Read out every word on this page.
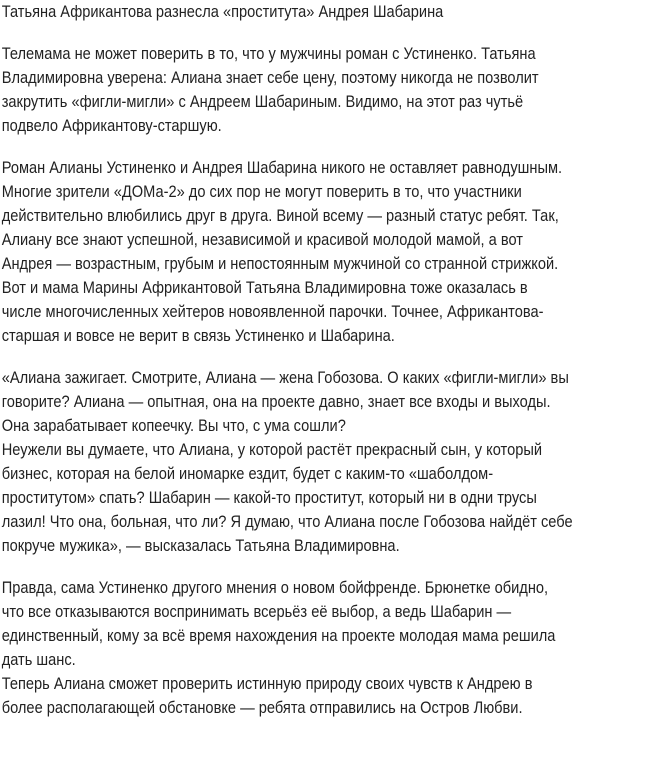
Татьяна Африкантова разнесла «проститута» Андрея Шабарина

Телемама не может поверить в то, что у мужчины роман с Устиненко. Татьяна

Владимировна уверена: Алиана знает себе цену, поэтому никогда не позволит

закрутить «фигли-мигли» с Андреем Шабариным. Видимо, на этот раз чутьё

подвело Африкантову-старшую.

Роман Алианы Устиненко и Андрея Шабарина никого не оставляет равнодушным.

Многие зрители «ДОМа-2» до сих пор не могут поверить в то, что участники

действительно влюбились друг в друга. Виной всему — разный статус ребят. Так,

Алиану все знают успешной, независимой и красивой молодой мамой, а вот

Андрея — возрастным, грубым и непостоянным мужчиной со странной стрижкой.

Вот и мама Марины Африкантовой Татьяна Владимировна тоже оказалась в

числе многочисленных хейтеров новоявленной парочки. Точнее, Африкантова-

старшая и вовсе не верит в связь Устиненко и Шабарина.

«Алиана зажигает. Смотрите, Алиана — жена Гобозова. О каких «фигли-мигли» вы

говорите? Алиана — опытная, она на проекте давно, знает все входы и выходы.

Она зарабатывает копеечку. Вы что, с ума сошли?

Неужели вы думаете, что Алиана, у которой растёт прекрасный сын, у который

бизнес, которая на белой иномарке ездит, будет с каким-то «шаболдом-

проститутом» спать? Шабарин — какой-то проститут, который ни в одни трусы

лазил! Что она, больная, что ли? Я думаю, что Алиана после Гобозова найдёт себе

покруче мужика», — высказалась Татьяна Владимировна.

Правда, сама Устиненко другого мнения о новом бойфренде. Брюнетке обидно,

что все отказываются воспринимать всерьёз её выбор, а ведь Шабарин —

единственный, кому за всё время нахождения на проекте молодая мама решила

дать шанс.

Теперь Алиана сможет проверить истинную природу своих чувств к Андрею в

более располагающей обстановке — ребята отправились на Остров Любви.
